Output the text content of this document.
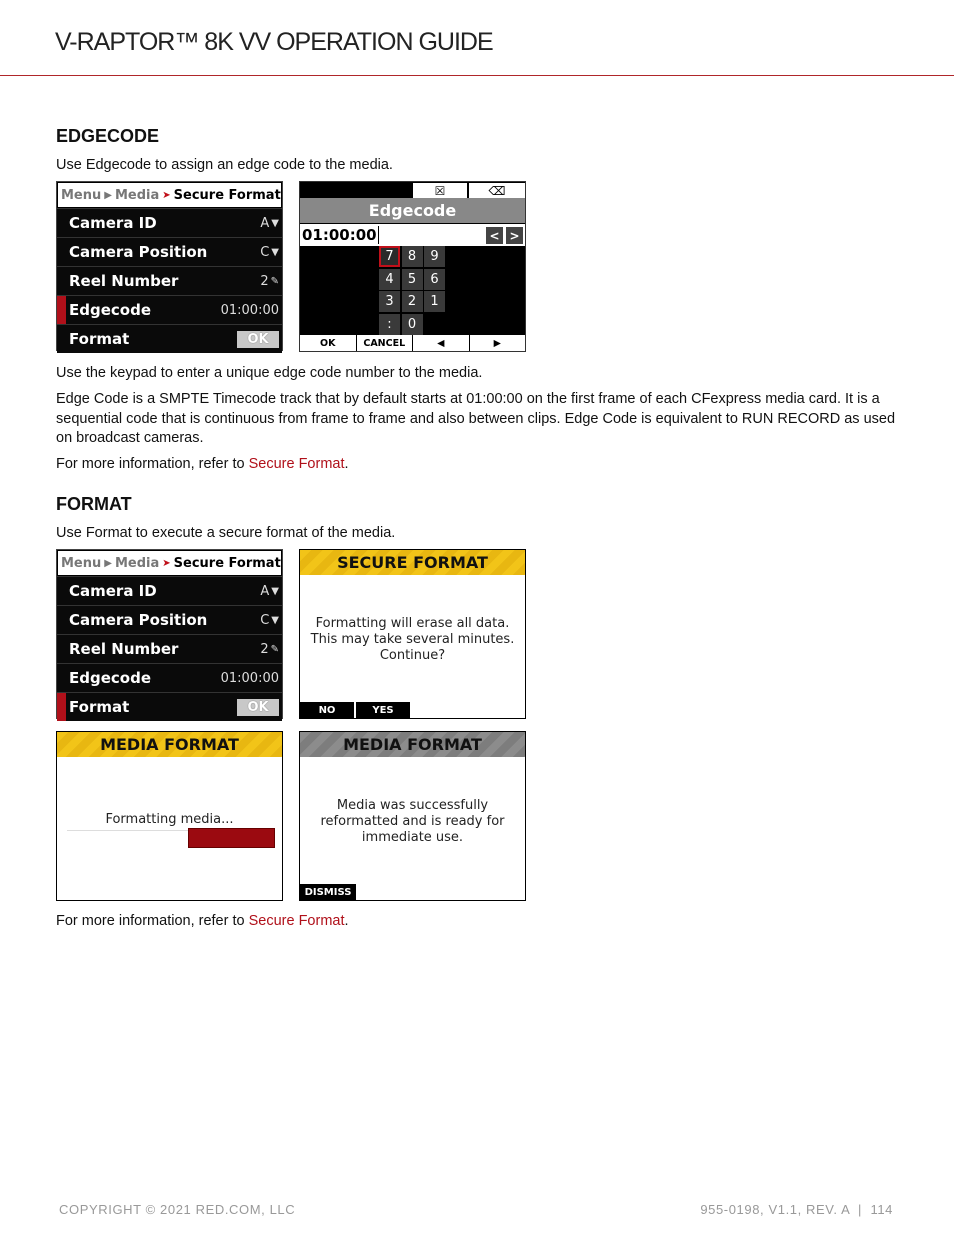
V-RAPTOR™ 8K VV OPERATION GUIDE
EDGECODE
Use Edgecode to assign an edge code to the media.
Menu ▶ Media ➤ Secure Format
Camera ID	A ▼
Camera Position	C ▼
Reel Number	2 ✎
Edgecode	01:00:00
Format	OK
☒	⌫
Edgecode
01:00:00	< >
7	8	9
4	5	6
3	2	1
:	0
OK	CANCEL	◀	▶
Use the keypad to enter a unique edge code number to the media.
Edge Code is a SMPTE Timecode track that by default starts at 01:00:00 on the first frame of each CFexpress media card. It is a sequential code that is continuous from frame to frame and also between clips. Edge Code is equivalent to RUN RECORD as used on broadcast cameras.
For more information, refer to Secure Format.
FORMAT
Use Format to execute a secure format of the media.
Menu ▶ Media ➤ Secure Format
Camera ID	A ▼
Camera Position	C ▼
Reel Number	2 ✎
Edgecode	01:00:00
Format	OK
SECURE FORMAT
Formatting will erase all data.
This may take several minutes.
Continue?
NO	YES
MEDIA FORMAT
Formatting media...
MEDIA FORMAT
Media was successfully
reformatted and is ready for
immediate use.
DISMISS
For more information, refer to Secure Format.
COPYRIGHT © 2021 RED.COM, LLC	955-0198, V1.1, REV. A  |  114
